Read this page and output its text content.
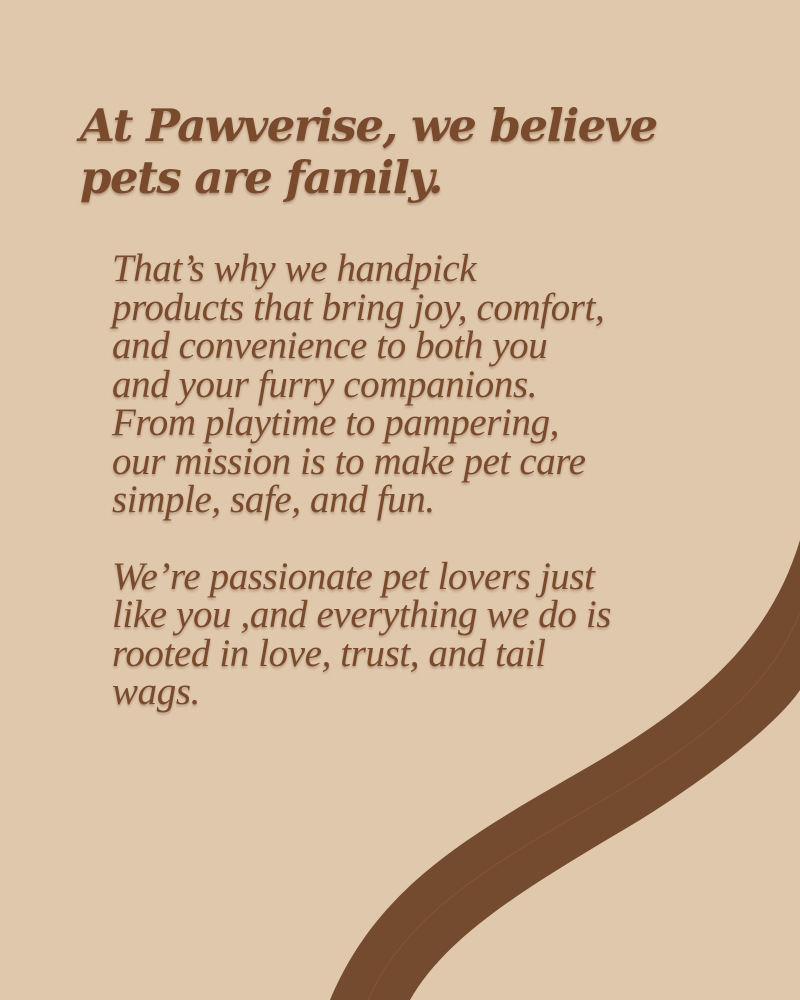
At Pawverise, we believe
pets are family.

That’s why we handpick
products that bring joy, comfort,
and convenience to both you
and your furry companions.
From playtime to pampering,
our mission is to make pet care
simple, safe, and fun.

We’re passionate pet lovers just
like you ,and everything we do is
rooted in love, trust, and tail
wags.
